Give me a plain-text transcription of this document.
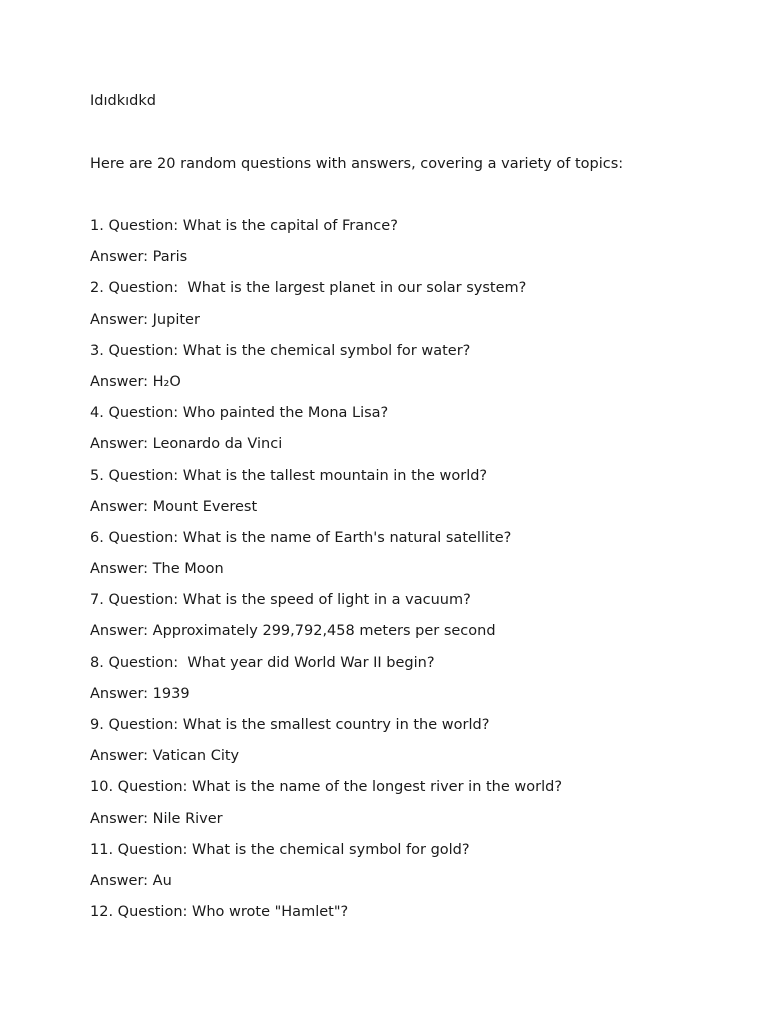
Idıdkıdkd
Here are 20 random questions with answers, covering a variety of topics:
1. Question: What is the capital of France?
Answer: Paris
2. Question:  What is the largest planet in our solar system?
Answer: Jupiter
3. Question: What is the chemical symbol for water?
Answer: H₂O
4. Question: Who painted the Mona Lisa?
Answer: Leonardo da Vinci
5. Question: What is the tallest mountain in the world?
Answer: Mount Everest
6. Question: What is the name of Earth's natural satellite?
Answer: The Moon
7. Question: What is the speed of light in a vacuum?
Answer: Approximately 299,792,458 meters per second
8. Question:  What year did World War II begin?
Answer: 1939
9. Question: What is the smallest country in the world?
Answer: Vatican City
10. Question: What is the name of the longest river in the world?
Answer: Nile River
11. Question: What is the chemical symbol for gold?
Answer: Au
12. Question: Who wrote "Hamlet"?
